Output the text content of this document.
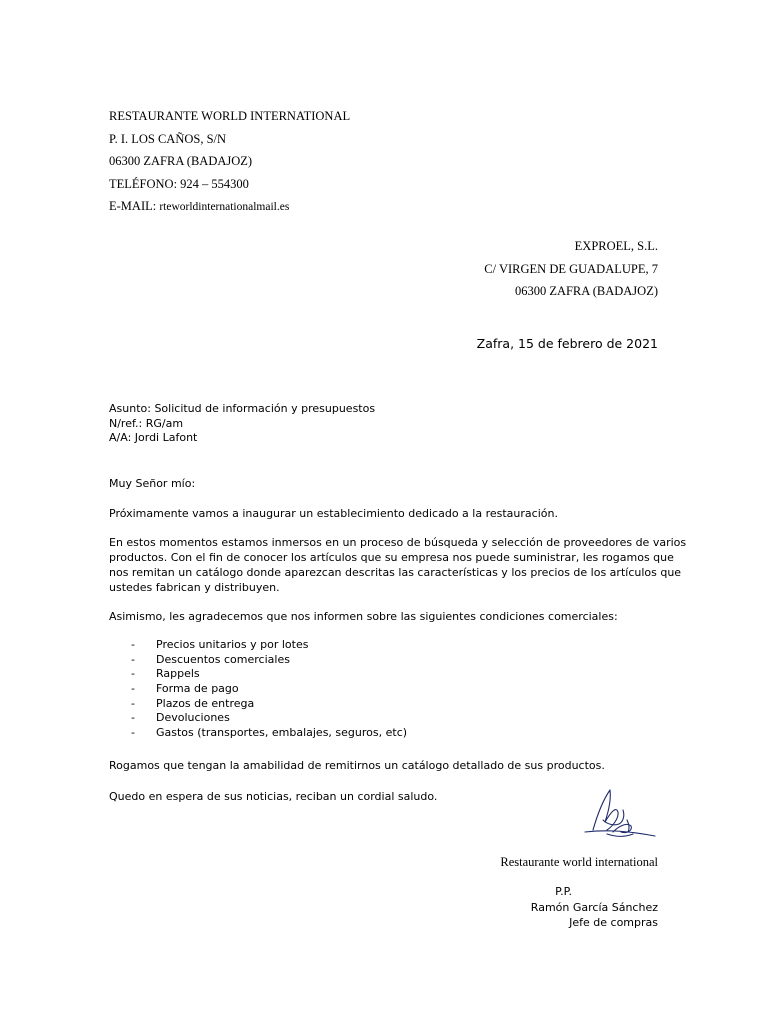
RESTAURANTE WORLD INTERNATIONAL
P. I. LOS CAÑOS, S/N
06300 ZAFRA (BADAJOZ)
TELÉFONO: 924 – 554300
E-MAIL: rteworldinternationalmail.es
EXPROEL, S.L.
C/ VIRGEN DE GUADALUPE, 7
06300 ZAFRA (BADAJOZ)
Zafra, 15 de febrero de 2021
Asunto: Solicitud de información y presupuestos
N/ref.: RG/am
A/A: Jordi Lafont
Muy Señor mío:
Próximamente vamos a inaugurar un establecimiento dedicado a la restauración.
En estos momentos estamos inmersos en un proceso de búsqueda y selección de proveedores de varios
productos. Con el fin de conocer los artículos que su empresa nos puede suministrar, les rogamos que
nos remitan un catálogo donde aparezcan descritas las características y los precios de los artículos que
ustedes fabrican y distribuyen.
Asimismo, les agradecemos que nos informen sobre las siguientes condiciones comerciales:
- Precios unitarios y por lotes
- Descuentos comerciales
- Rappels
- Forma de pago
- Plazos de entrega
- Devoluciones
- Gastos (transportes, embalajes, seguros, etc)
Rogamos que tengan la amabilidad de remitirnos un catálogo detallado de sus productos.
Quedo en espera de sus noticias, reciban un cordial saludo.
Restaurante world international
P.P.
Ramón García Sánchez
Jefe de compras
